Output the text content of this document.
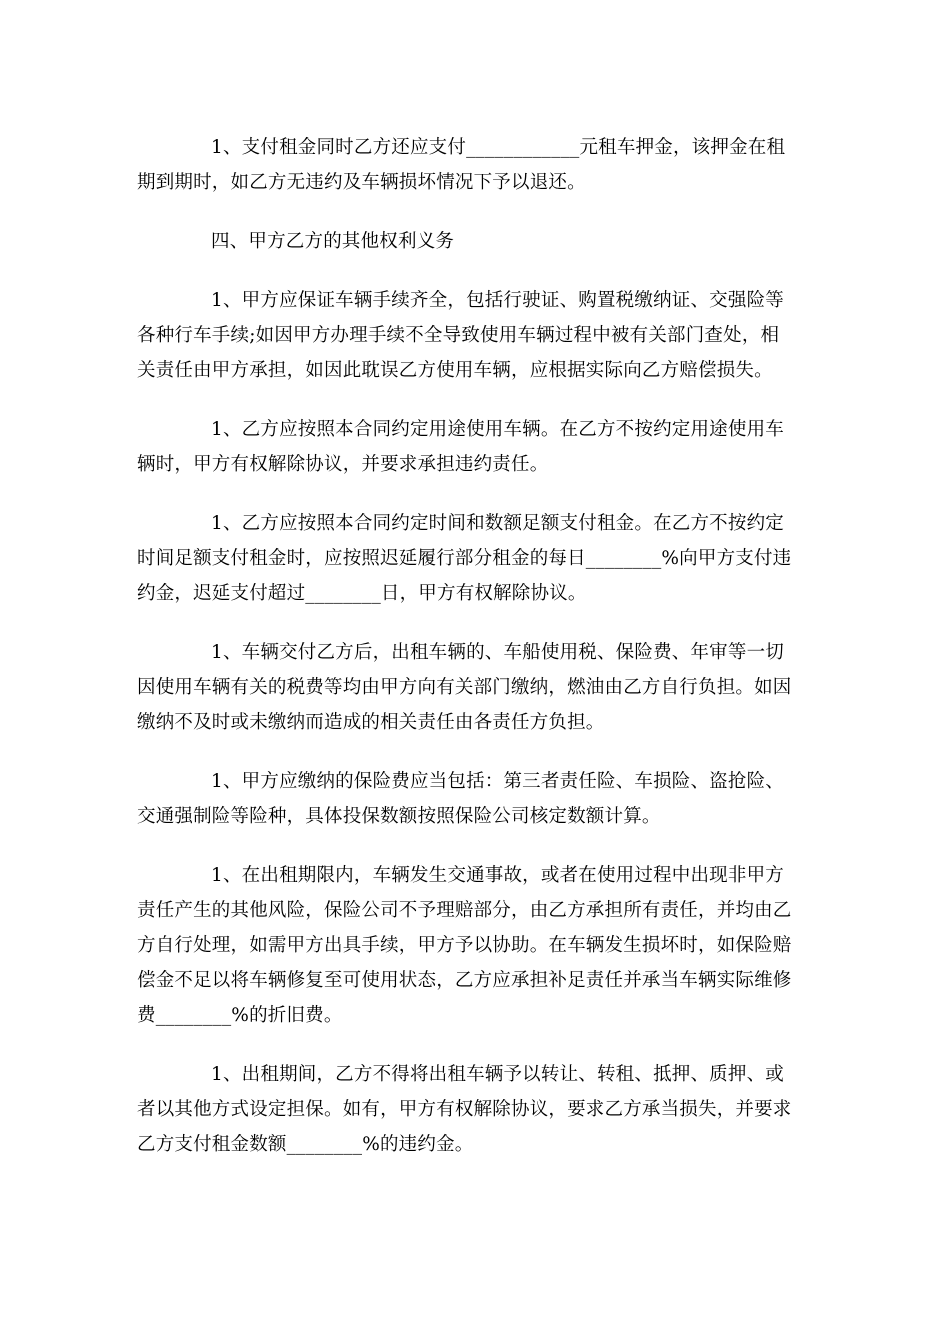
1、支付租金同时乙方还应支付____________元租车押金，该押金在租
期到期时，如乙方无违约及车辆损坏情况下予以退还。

四、甲方乙方的其他权利义务

1、甲方应保证车辆手续齐全，包括行驶证、购置税缴纳证、交强险等
各种行车手续;如因甲方办理手续不全导致使用车辆过程中被有关部门查处，相
关责任由甲方承担，如因此耽误乙方使用车辆，应根据实际向乙方赔偿损失。

1、乙方应按照本合同约定用途使用车辆。在乙方不按约定用途使用车
辆时，甲方有权解除协议，并要求承担违约责任。

1、乙方应按照本合同约定时间和数额足额支付租金。在乙方不按约定
时间足额支付租金时，应按照迟延履行部分租金的每日________%向甲方支付违
约金，迟延支付超过________日，甲方有权解除协议。

1、车辆交付乙方后，出租车辆的、车船使用税、保险费、年审等一切
因使用车辆有关的税费等均由甲方向有关部门缴纳，燃油由乙方自行负担。如因
缴纳不及时或未缴纳而造成的相关责任由各责任方负担。

1、甲方应缴纳的保险费应当包括：第三者责任险、车损险、盗抢险、
交通强制险等险种，具体投保数额按照保险公司核定数额计算。

1、在出租期限内，车辆发生交通事故，或者在使用过程中出现非甲方
责任产生的其他风险，保险公司不予理赔部分，由乙方承担所有责任，并均由乙
方自行处理，如需甲方出具手续，甲方予以协助。在车辆发生损坏时，如保险赔
偿金不足以将车辆修复至可使用状态，乙方应承担补足责任并承当车辆实际维修
费________%的折旧费。

1、出租期间，乙方不得将出租车辆予以转让、转租、抵押、质押、或
者以其他方式设定担保。如有，甲方有权解除协议，要求乙方承当损失，并要求
乙方支付租金数额________%的违约金。
